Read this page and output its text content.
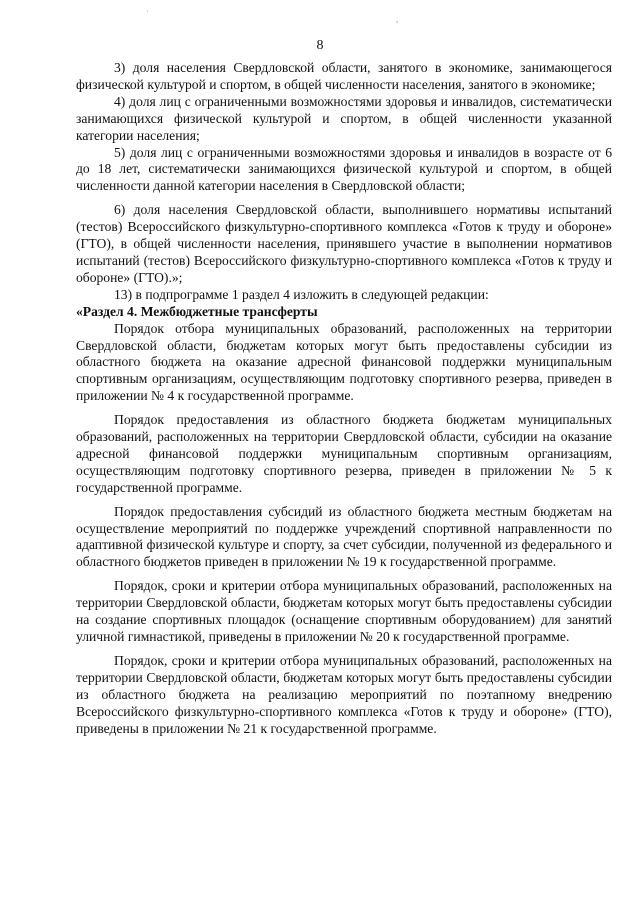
ˌ
,
8

3) доля населения Свердловской области, занятого в экономике, занимающегося физической культурой и спортом, в общей численности населения, занятого в экономике;

4) доля лиц с ограниченными возможностями здоровья и инвалидов, систематически занимающихся физической культурой и спортом, в общей численности указанной категории населения;

5) доля лиц с ограниченными возможностями здоровья и инвалидов в возрасте от 6 до 18 лет, систематически занимающихся физической культурой и спортом, в общей численности данной категории населения в Свердловской области;

6) доля населения Свердловской области, выполнившего нормативы испытаний (тестов) Всероссийского физкультурно-спортивного комплекса «Готов к труду и обороне» (ГТО), в общей численности населения, принявшего участие в выполнении нормативов испытаний (тестов) Всероссийского физкультурно-спортивного комплекса «Готов к труду и обороне» (ГТО).»;

13) в подпрограмме 1 раздел 4 изложить в следующей редакции:

«Раздел 4. Межбюджетные трансферты

Порядок отбора муниципальных образований, расположенных на территории Свердловской области, бюджетам которых могут быть предоставлены субсидии из областного бюджета на оказание адресной финансовой поддержки муниципальным спортивным организациям, осуществляющим подготовку спортивного резерва, приведен в приложении № 4 к государственной программе.

Порядок предоставления из областного бюджета бюджетам муниципальных образований, расположенных на территории Свердловской области, субсидии на оказание адресной финансовой поддержки муниципальным спортивным организациям, осуществляющим подготовку спортивного резерва, приведен в приложении № 5 к государственной программе.

Порядок предоставления субсидий из областного бюджета местным бюджетам на осуществление мероприятий по поддержке учреждений спортивной направленности по адаптивной физической культуре и спорту, за счет субсидии, полученной из федерального и областного бюджетов приведен в приложении № 19 к государственной программе.

Порядок, сроки и критерии отбора муниципальных образований, расположенных на территории Свердловской области, бюджетам которых могут быть предоставлены субсидии на создание спортивных площадок (оснащение спортивным оборудованием) для занятий уличной гимнастикой, приведены в приложении № 20 к государственной программе.

Порядок, сроки и критерии отбора муниципальных образований, расположенных на территории Свердловской области, бюджетам которых могут быть предоставлены субсидии из областного бюджета на реализацию мероприятий по поэтапному внедрению Всероссийского физкультурно-спортивного комплекса «Готов к труду и обороне» (ГТО), приведены в приложении № 21 к государственной программе.
